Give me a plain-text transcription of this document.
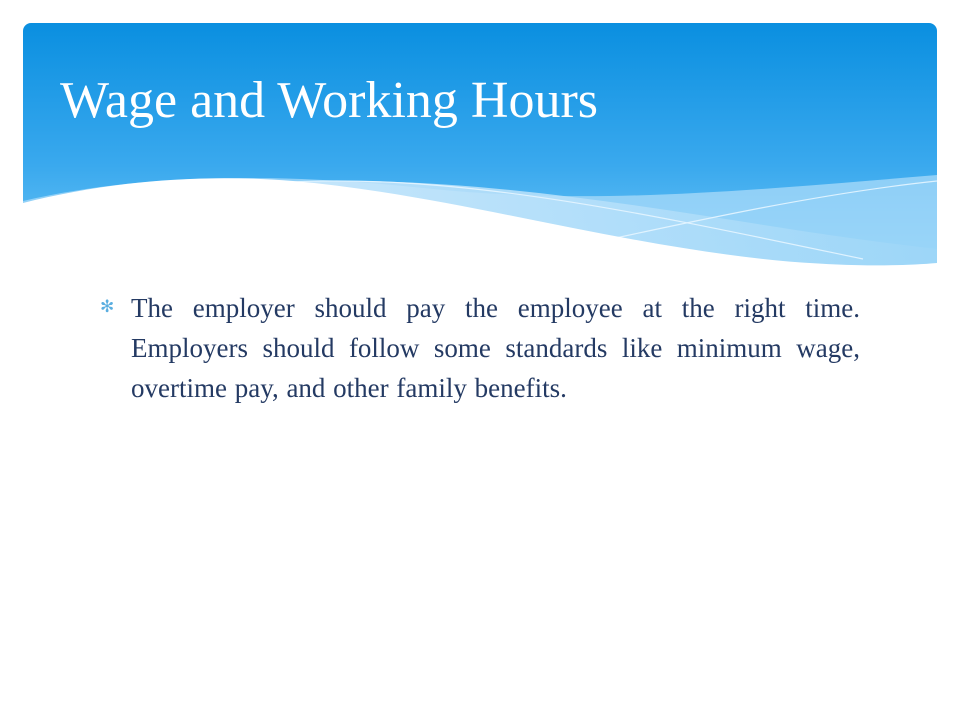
Wage and Working Hours
✻ The employer should pay the employee at the right time. Employers should follow some standards like minimum wage, overtime pay, and other family benefits.
